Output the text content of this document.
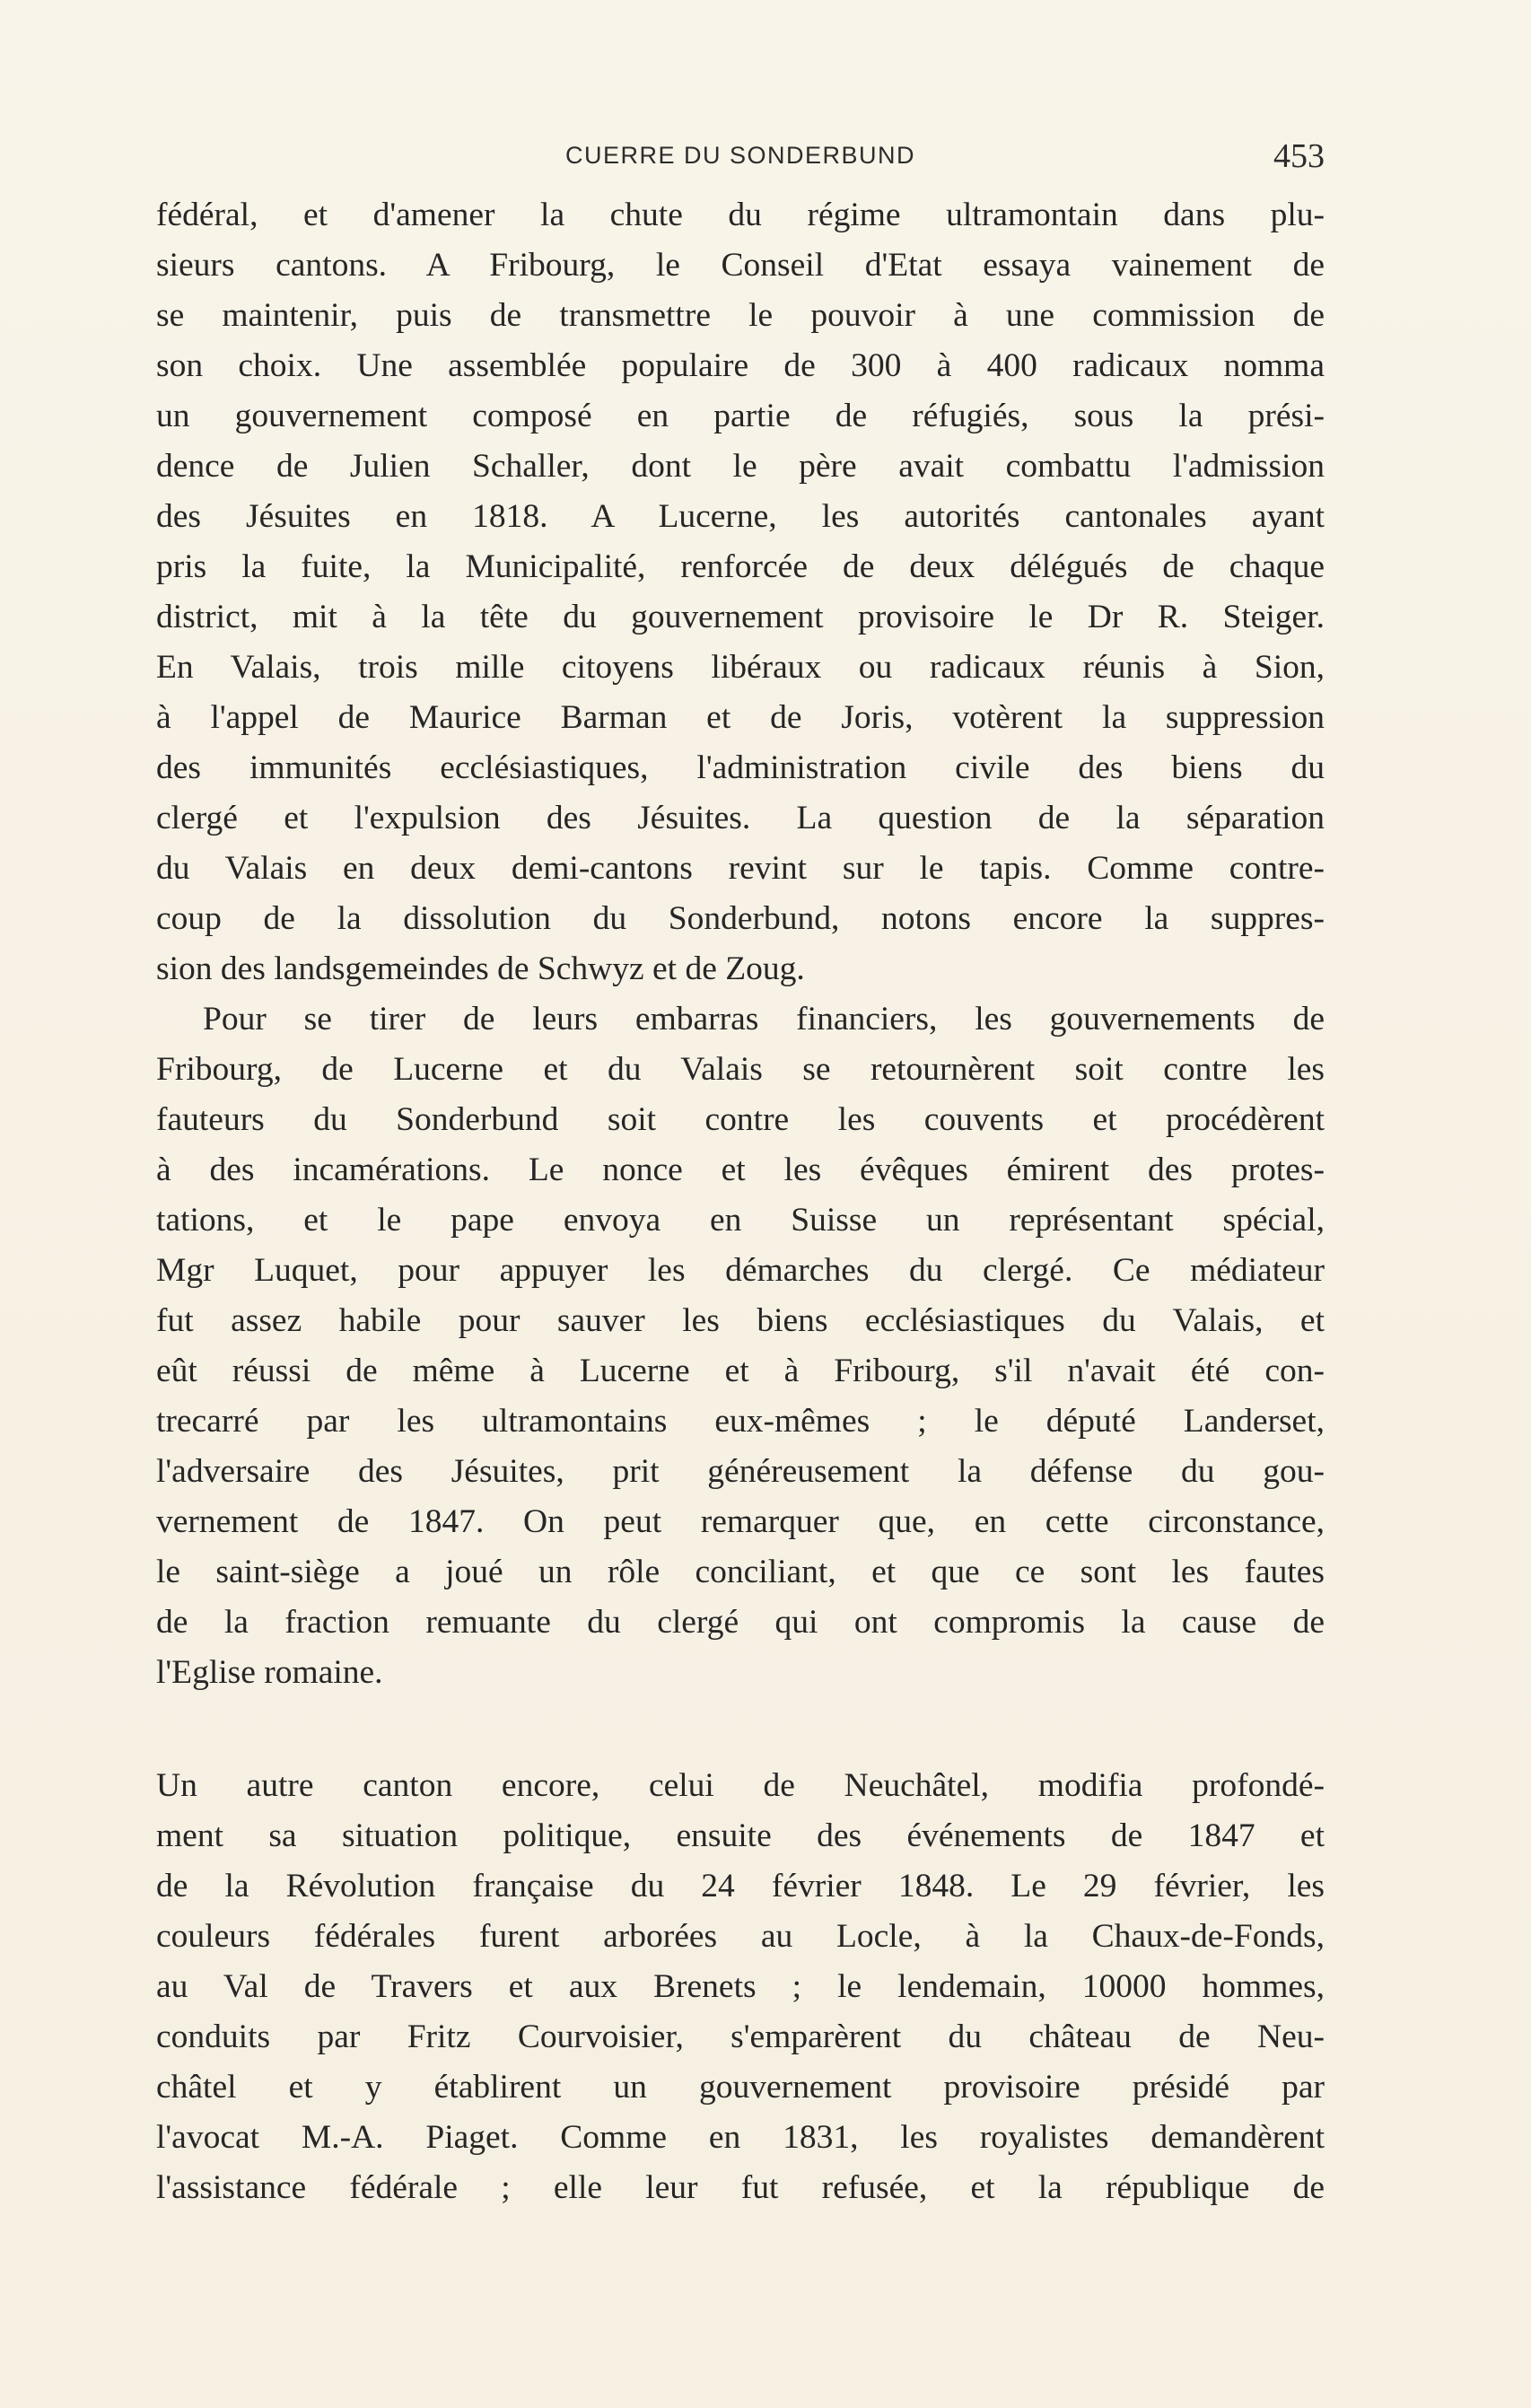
CUERRE DU SONDERBUND	453
fédéral, et d'amener la chute du régime ultramontain dans plu-
sieurs cantons. A Fribourg, le Conseil d'Etat essaya vainement de
se maintenir, puis de transmettre le pouvoir à une commission de
son choix. Une assemblée populaire de 300 à 400 radicaux nomma
un gouvernement composé en partie de réfugiés, sous la prési-
dence de Julien Schaller, dont le père avait combattu l'admission
des Jésuites en 1818. A Lucerne, les autorités cantonales ayant
pris la fuite, la Municipalité, renforcée de deux délégués de chaque
district, mit à la tête du gouvernement provisoire le Dr R. Steiger.
En Valais, trois mille citoyens libéraux ou radicaux réunis à Sion,
à l'appel de Maurice Barman et de Joris, votèrent la suppression
des immunités ecclésiastiques, l'administration civile des biens du
clergé et l'expulsion des Jésuites. La question de la séparation
du Valais en deux demi-cantons revint sur le tapis. Comme contre-
coup de la dissolution du Sonderbund, notons encore la suppres-
sion des landsgemeindes de Schwyz et de Zoug.
Pour se tirer de leurs embarras financiers, les gouvernements de
Fribourg, de Lucerne et du Valais se retournèrent soit contre les
fauteurs du Sonderbund soit contre les couvents et procédèrent
à des incamérations. Le nonce et les évêques émirent des protes-
tations, et le pape envoya en Suisse un représentant spécial,
Mgr Luquet, pour appuyer les démarches du clergé. Ce médiateur
fut assez habile pour sauver les biens ecclésiastiques du Valais, et
eût réussi de même à Lucerne et à Fribourg, s'il n'avait été con-
trecarré par les ultramontains eux-mêmes ; le député Landerset,
l'adversaire des Jésuites, prit généreusement la défense du gou-
vernement de 1847. On peut remarquer que, en cette circonstance,
le saint-siège a joué un rôle conciliant, et que ce sont les fautes
de la fraction remuante du clergé qui ont compromis la cause de
l'Eglise romaine.
Un autre canton encore, celui de Neuchâtel, modifia profondé-
ment sa situation politique, ensuite des événements de 1847 et
de la Révolution française du 24 février 1848. Le 29 février, les
couleurs fédérales furent arborées au Locle, à la Chaux-de-Fonds,
au Val de Travers et aux Brenets ; le lendemain, 10000 hommes,
conduits par Fritz Courvoisier, s'emparèrent du château de Neu-
châtel et y établirent un gouvernement provisoire présidé par
l'avocat M.-A. Piaget. Comme en 1831, les royalistes demandèrent
l'assistance fédérale ; elle leur fut refusée, et la république de
